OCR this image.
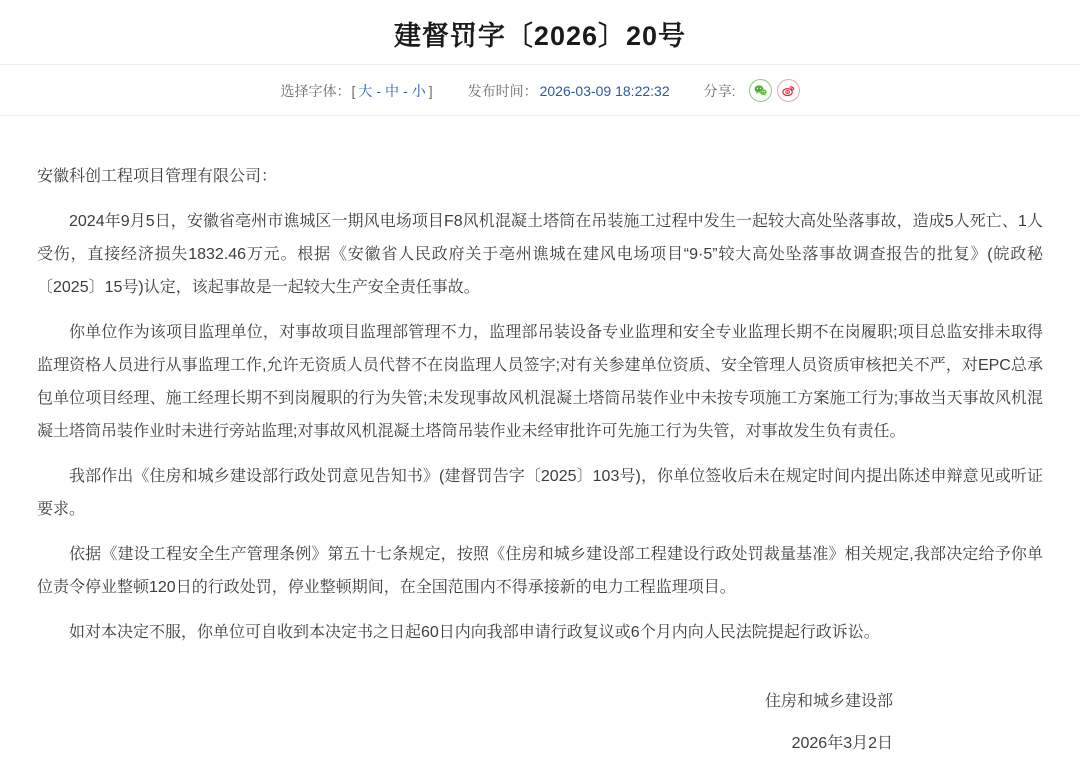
建督罚字〔2026〕20号
选择字体： [ 大 - 中 - 小 ]	发布时间： 2026-03-09 18:22:32 分享:

安徽科创工程项目管理有限公司：

2024年9月5日，安徽省亳州市谯城区一期风电场项目F8风机混凝土塔筒在吊装施工过程中发生一起较大高处坠落事故，造成5人死亡、1人受伤，直接经济损失1832.46万元。根据《安徽省人民政府关于亳州谯城在建风电场项目“9·5”较大高处坠落事故调查报告的批复》(皖政秘〔2025〕15号)认定，该起事故是一起较大生产安全责任事故。

你单位作为该项目监理单位，对事故项目监理部管理不力，监理部吊装设备专业监理和安全专业监理长期不在岗履职;项目总监安排未取得监理资格人员进行从事监理工作,允许无资质人员代替不在岗监理人员签字;对有关参建单位资质、安全管理人员资质审核把关不严，对EPC总承包单位项目经理、施工经理长期不到岗履职的行为失管;未发现事故风机混凝土塔筒吊装作业中未按专项施工方案施工行为;事故当天事故风机混凝土塔筒吊装作业时未进行旁站监理;对事故风机混凝土塔筒吊装作业未经审批许可先施工行为失管，对事故发生负有责任。

我部作出《住房和城乡建设部行政处罚意见告知书》(建督罚告字〔2025〕103号)，你单位签收后未在规定时间内提出陈述申辩意见或听证要求。

依据《建设工程安全生产管理条例》第五十七条规定，按照《住房和城乡建设部工程建设行政处罚裁量基准》相关规定,我部决定给予你单位责令停业整顿120日的行政处罚，停业整顿期间，在全国范围内不得承接新的电力工程监理项目。

如对本决定不服，你单位可自收到本决定书之日起60日内向我部申请行政复议或6个月内向人民法院提起行政诉讼。

住房和城乡建设部
2026年3月2日
